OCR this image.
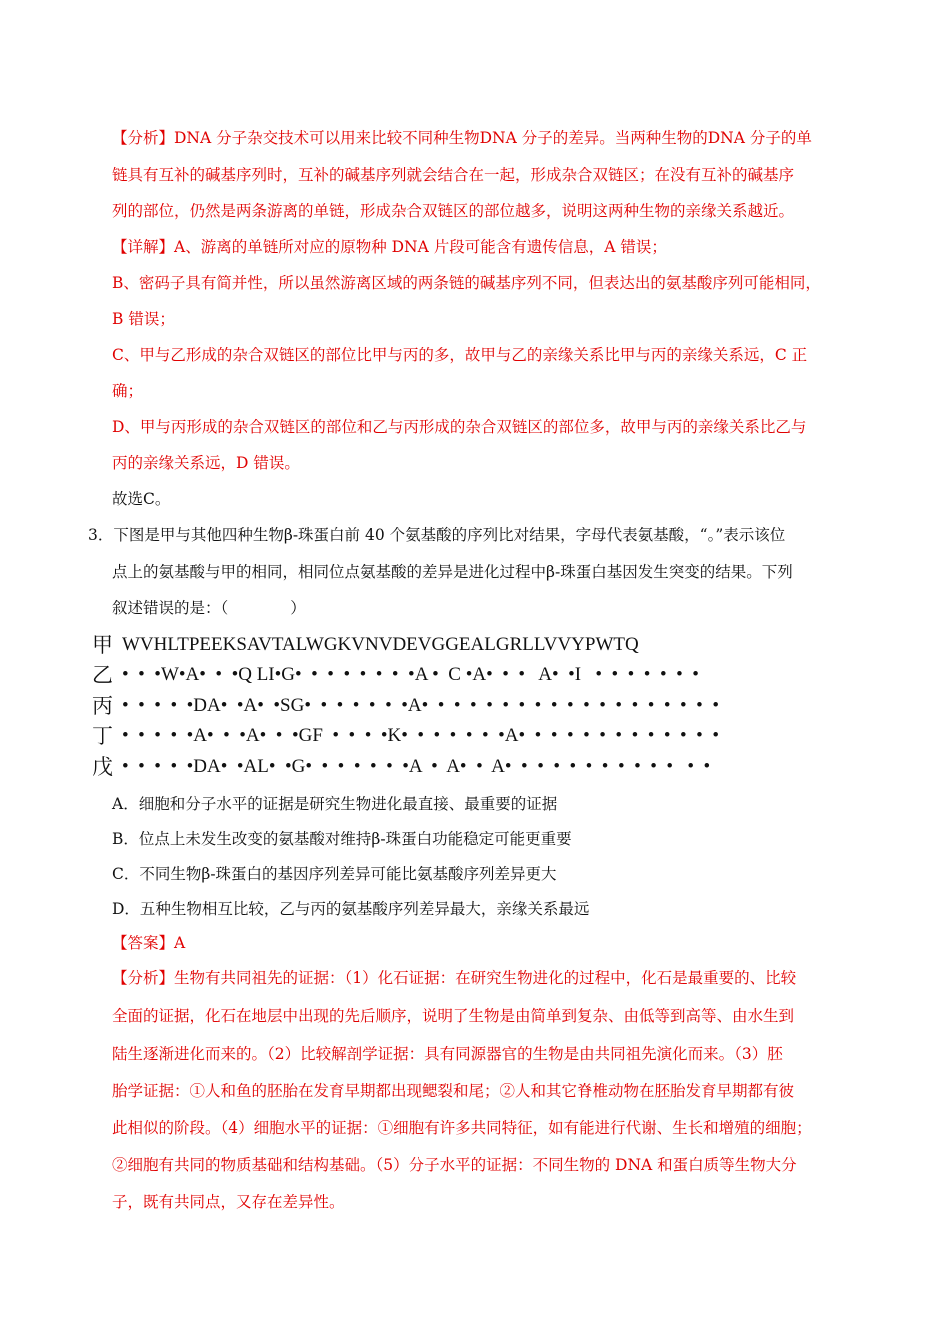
【分析】DNA 分子杂交技术可以用来比较不同种生物DNA 分子的差异。当两种生物的DNA 分子的单
链具有互补的碱基序列时，互补的碱基序列就会结合在一起，形成杂合双链区；在没有互补的碱基序
列的部位，仍然是两条游离的单链，形成杂合双链区的部位越多，说明这两种生物的亲缘关系越近。
【详解】A、游离的单链所对应的原物种 DNA 片段可能含有遗传信息，A 错误；
B、密码子具有简并性，所以虽然游离区域的两条链的碱基序列不同，但表达出的氨基酸序列可能相同，
B 错误；
C、甲与乙形成的杂合双链区的部位比甲与丙的多，故甲与乙的亲缘关系比甲与丙的亲缘关系远，C 正
确；
D、甲与丙形成的杂合双链区的部位和乙与丙形成的杂合双链区的部位多，故甲与丙的亲缘关系比乙与
丙的亲缘关系远，D 错误。
故选C。
3．下图是甲与其他四种生物β-珠蛋白前 40 个氨基酸的序列比对结果，字母代表氨基酸，“。”表示该位
点上的氨基酸与甲的相同，相同位点氨基酸的差异是进化过程中β-珠蛋白基因发生突变的结果。下列
叙述错误的是：（　　　　）
甲 WVHLTPEEKSAVTALWGKVNVDEVGGEALGRLLVVYPWTQ
乙 •  •  •W•A•  •  •Q LI•G•  •  •  •  •  •  •  •A •  C •A•  •  •   A•  •I   •  •  •  •  •  •  •
丙 •  •  •  •  •DA•  •A•  •SG•  •  •  •  •  •  •A•  •  •  •  •  •  •  •  •  •  •  •  •  •  •  •  •  •  •
丁 •  •  •  •  •A•  •  •A•  •  •GF  •  •  •  •K•  •  •  •  •  •  •A•  •  •  •  •  •  •  •  •  •  •  •  •
戊 •  •  •  •  •DA•  •AL•  •G•  •  •  •  •  •  •A  •  A•  •  A•  •  •  •  •  •  •  •  •  •  •   •  •
A．细胞和分子水平的证据是研究生物进化最直接、最重要的证据
B．位点上未发生改变的氨基酸对维持β-珠蛋白功能稳定可能更重要
C．不同生物β-珠蛋白的基因序列差异可能比氨基酸序列差异更大
D．五种生物相互比较，乙与丙的氨基酸序列差异最大，亲缘关系最远
【答案】A
【分析】生物有共同祖先的证据：（1）化石证据：在研究生物进化的过程中，化石是最重要的、比较
全面的证据，化石在地层中出现的先后顺序，说明了生物是由简单到复杂、由低等到高等、由水生到
陆生逐渐进化而来的。（2）比较解剖学证据：具有同源器官的生物是由共同祖先演化而来。（3）胚
胎学证据：①人和鱼的胚胎在发育早期都出现鳃裂和尾；②人和其它脊椎动物在胚胎发育早期都有彼
此相似的阶段。（4）细胞水平的证据：①细胞有许多共同特征，如有能进行代谢、生长和增殖的细胞；
②细胞有共同的物质基础和结构基础。（5）分子水平的证据：不同生物的 DNA 和蛋白质等生物大分
子，既有共同点，又存在差异性。
